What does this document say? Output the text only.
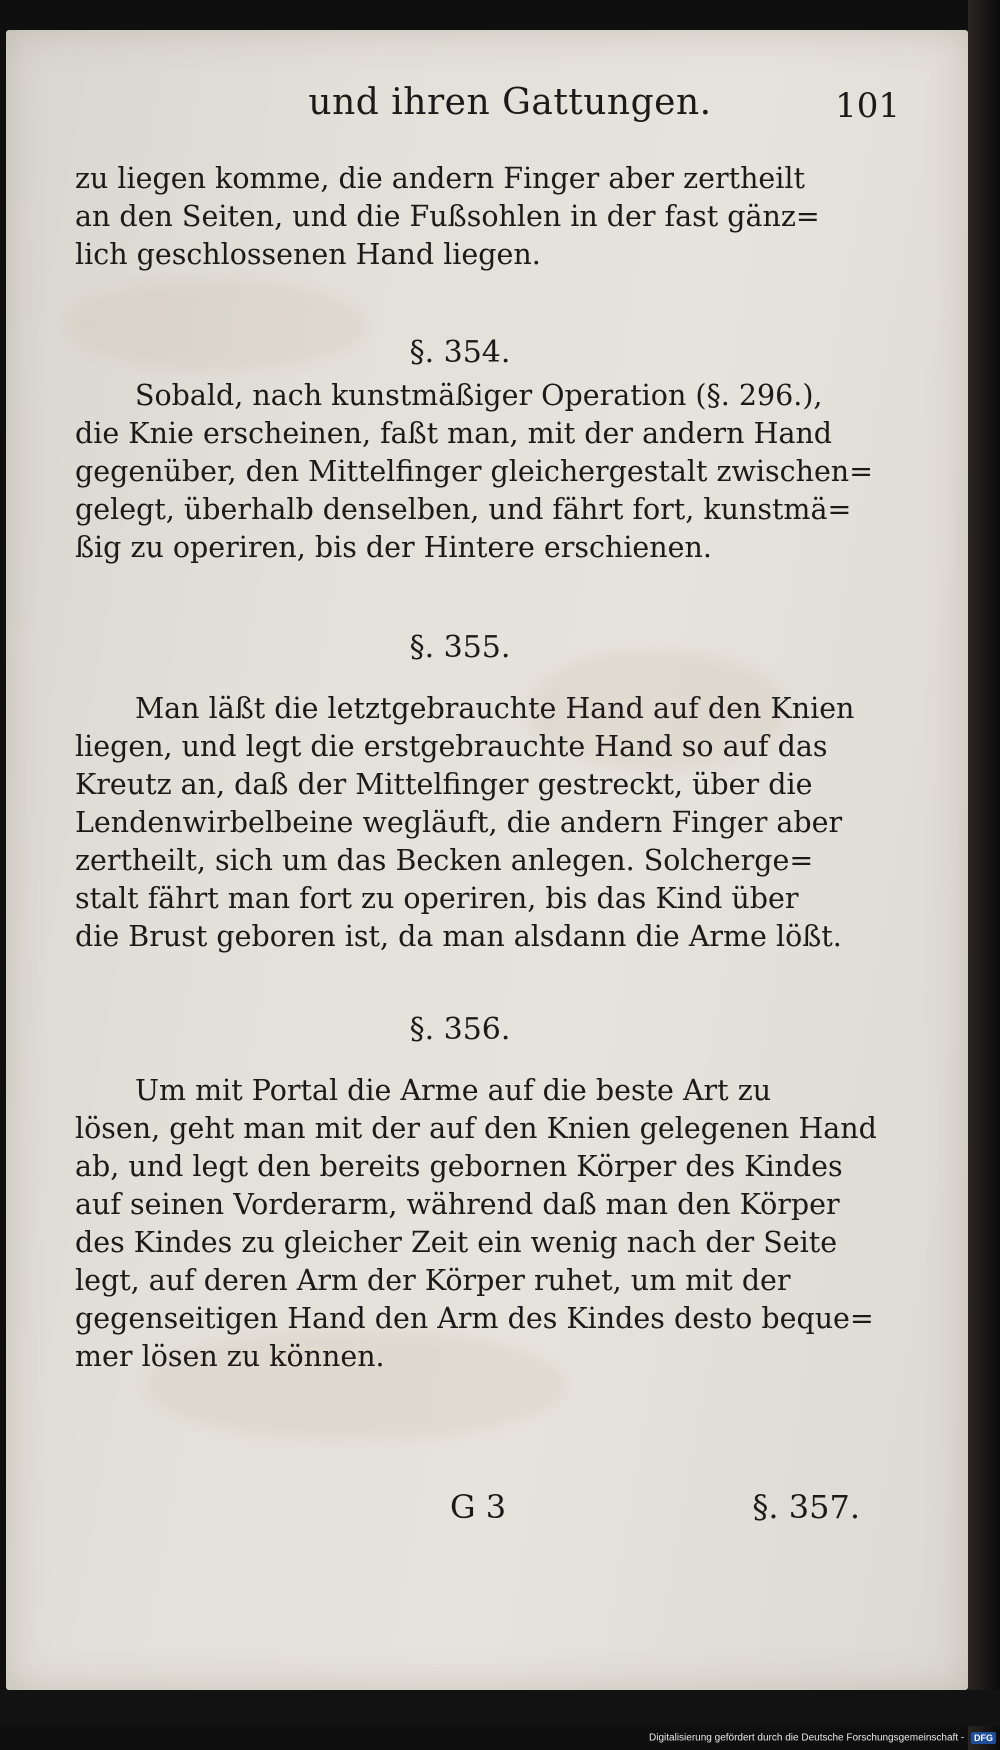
und ihren Gattungen.	101
zu liegen komme, die andern Finger aber zertheilt
an den Seiten, und die Fußsohlen in der fast gänz=
lich geschlossenen Hand liegen.
§. 354.
Sobald, nach kunstmäßiger Operation (§. 296.),
die Knie erscheinen, faßt man, mit der andern Hand
gegenüber, den Mittelfinger gleichergestalt zwischen=
gelegt, überhalb denselben, und fährt fort, kunstmä=
ßig zu operiren, bis der Hintere erschienen.
§. 355.
Man läßt die letztgebrauchte Hand auf den Knien
liegen, und legt die erstgebrauchte Hand so auf das
Kreutz an, daß der Mittelfinger gestreckt, über die
Lendenwirbelbeine wegläuft, die andern Finger aber
zertheilt, sich um das Becken anlegen. Solcherge=
stalt fährt man fort zu operiren, bis das Kind über
die Brust geboren ist, da man alsdann die Arme lößt.
§. 356.
Um mit Portal die Arme auf die beste Art zu
lösen, geht man mit der auf den Knien gelegenen Hand
ab, und legt den bereits gebornen Körper des Kindes
auf seinen Vorderarm, während daß man den Körper
des Kindes zu gleicher Zeit ein wenig nach der Seite
legt, auf deren Arm der Körper ruhet, um mit der
gegenseitigen Hand den Arm des Kindes desto beque=
mer lösen zu können.
G 3	§. 357.
Digitalisierung gefördert durch die Deutsche Forschungsgemeinschaft - DFG
